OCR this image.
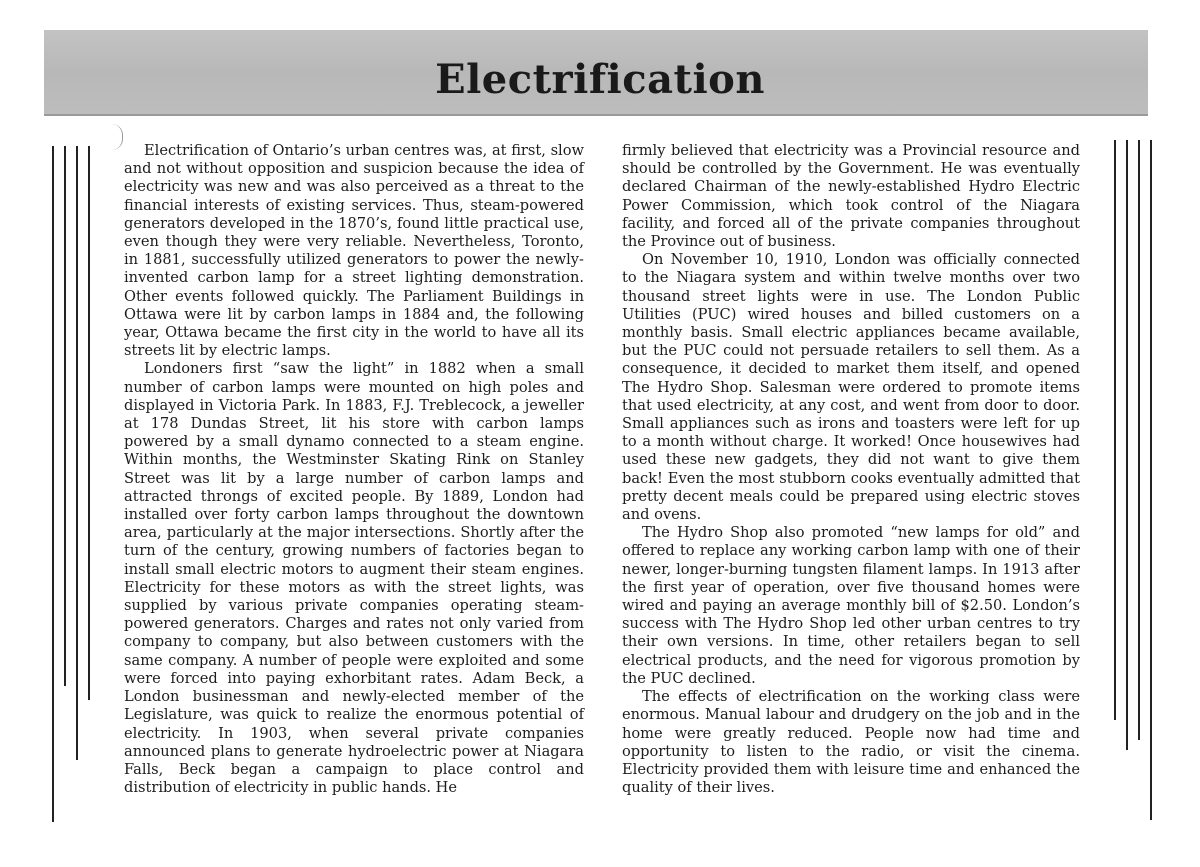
Electrification

Electrification of Ontario’s urban centres was, at first, slow and not without opposition and suspicion because the idea of electricity was new and was also perceived as a threat to the financial interests of existing services. Thus, steam-powered generators developed in the 1870’s, found little practical use, even though they were very reliable. Nevertheless, Toronto, in 1881, successfully utilized generators to power the newly-invented carbon lamp for a street lighting demonstration. Other events followed quickly. The Parliament Buildings in Ottawa were lit by carbon lamps in 1884 and, the following year, Ottawa became the first city in the world to have all its streets lit by electric lamps.

Londoners first “saw the light” in 1882 when a small number of carbon lamps were mounted on high poles and displayed in Victoria Park. In 1883, F.J. Treblecock, a jeweller at 178 Dundas Street, lit his store with carbon lamps powered by a small dynamo connected to a steam engine. Within months, the Westminster Skating Rink on Stanley Street was lit by a large number of carbon lamps and attracted throngs of excited people. By 1889, London had installed over forty carbon lamps throughout the downtown area, particularly at the major intersections. Shortly after the turn of the century, growing numbers of factories began to install small electric motors to augment their steam engines. Electricity for these motors as with the street lights, was supplied by various private companies operating steam-powered generators. Charges and rates not only varied from company to company, but also between customers with the same company. A number of people were exploited and some were forced into paying exhorbitant rates. Adam Beck, a London businessman and newly-elected member of the Legislature, was quick to realize the enormous potential of electricity. In 1903, when several private companies announced plans to generate hydroelectric power at Niagara Falls, Beck began a campaign to place control and distribution of electricity in public hands. He

firmly believed that electricity was a Provincial resource and should be controlled by the Government. He was eventually declared Chairman of the newly-established Hydro Electric Power Commission, which took control of the Niagara facility, and forced all of the private companies throughout the Province out of business.

On November 10, 1910, London was officially connected to the Niagara system and within twelve months over two thousand street lights were in use. The London Public Utilities (PUC) wired houses and billed customers on a monthly basis. Small electric appliances became available, but the PUC could not persuade retailers to sell them. As a consequence, it decided to market them itself, and opened The Hydro Shop. Salesman were ordered to promote items that used electricity, at any cost, and went from door to door. Small appliances such as irons and toasters were left for up to a month without charge. It worked! Once housewives had used these new gadgets, they did not want to give them back! Even the most stubborn cooks eventually admitted that pretty decent meals could be prepared using electric stoves and ovens.

The Hydro Shop also promoted “new lamps for old” and offered to replace any working carbon lamp with one of their newer, longer-burning tungsten filament lamps. In 1913 after the first year of operation, over five thousand homes were wired and paying an average monthly bill of $2.50. London’s success with The Hydro Shop led other urban centres to try their own versions. In time, other retailers began to sell electrical products, and the need for vigorous promotion by the PUC declined.

The effects of electrification on the working class were enormous. Manual labour and drudgery on the job and in the home were greatly reduced. People now had time and opportunity to listen to the radio, or visit the cinema. Electricity provided them with leisure time and enhanced the quality of their lives.
